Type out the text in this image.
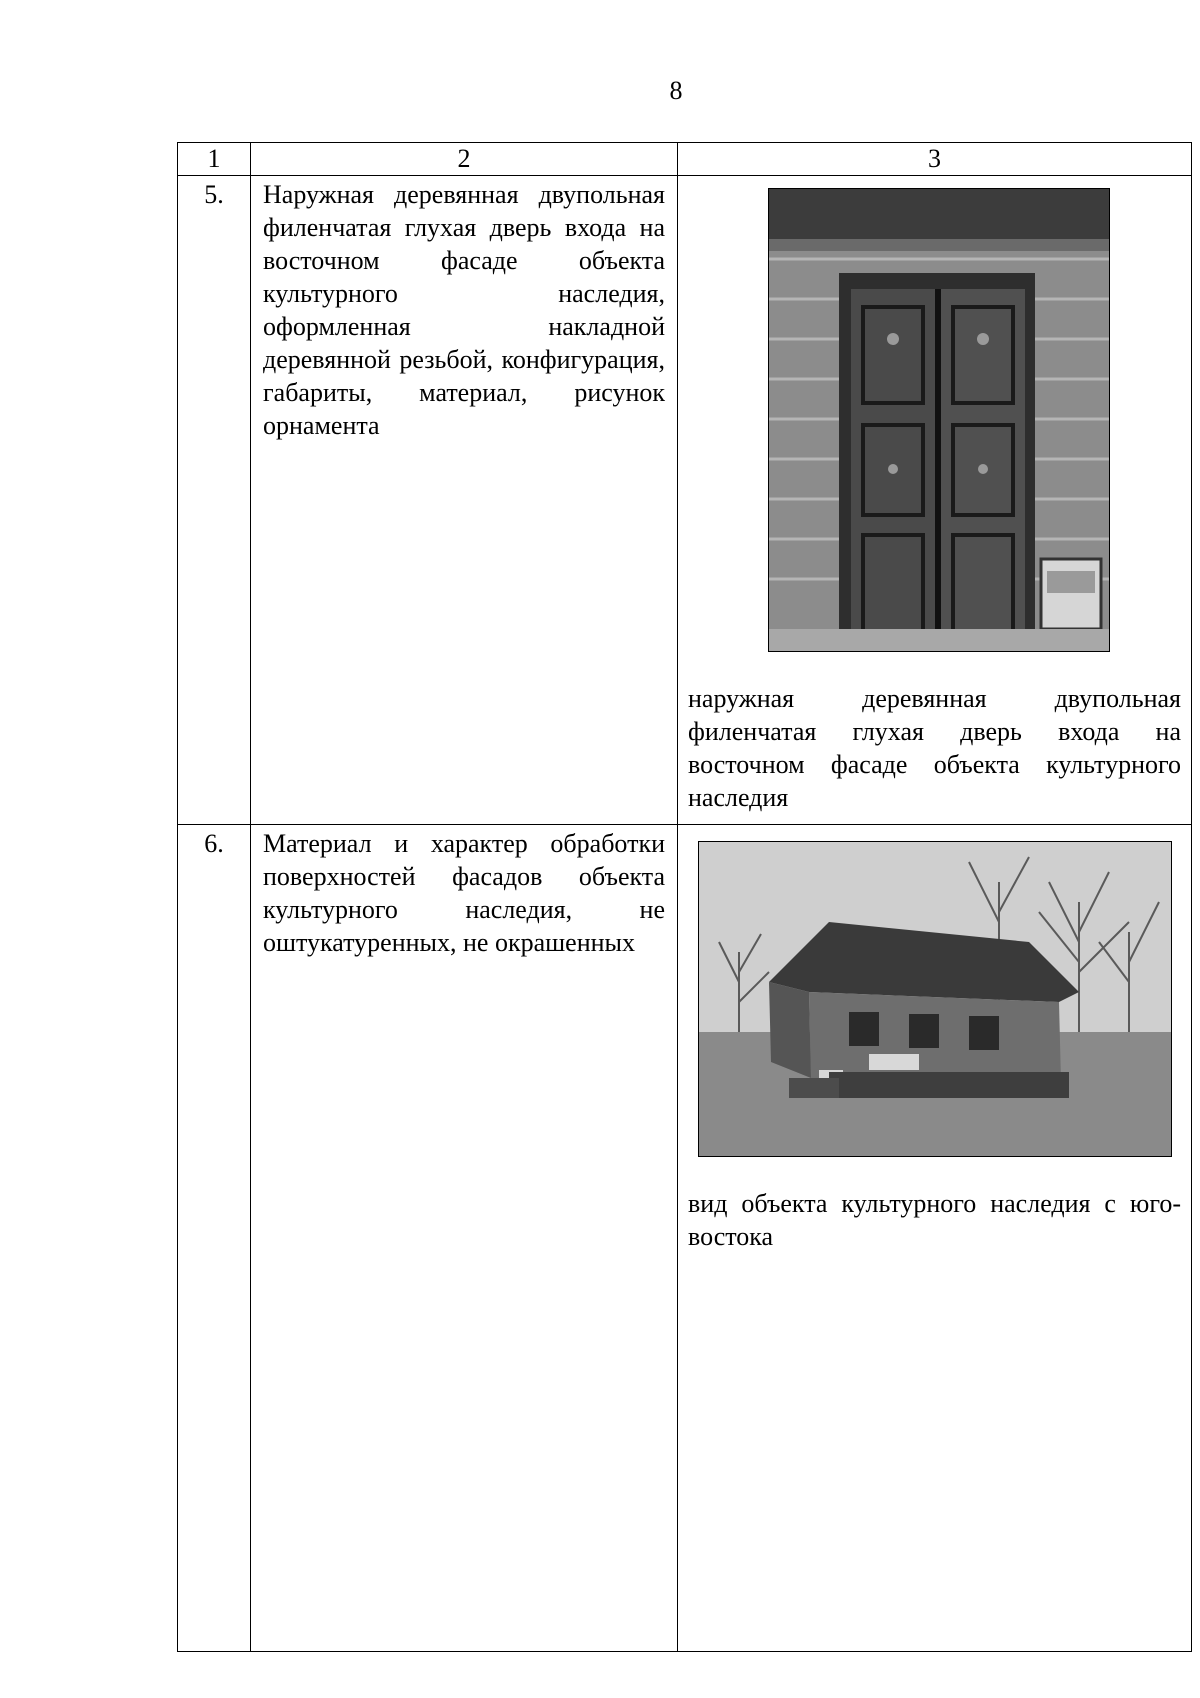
8
1	2	3
5.	Наружная деревянная двупольная филенчатая глухая дверь входа на восточном фасаде объекта культурного наследия, оформленная накладной деревянной резьбой, конфигурация, габариты, материал, рисунок орнамента	наружная деревянная двупольная филенчатая глухая дверь входа на восточном фасаде объекта культурного наследия

6.	Материал и характер обработки поверхностей фасадов объекта культурного наследия, не оштукатуренных, не окрашенных	вид объекта культурного наследия с юго-востока
